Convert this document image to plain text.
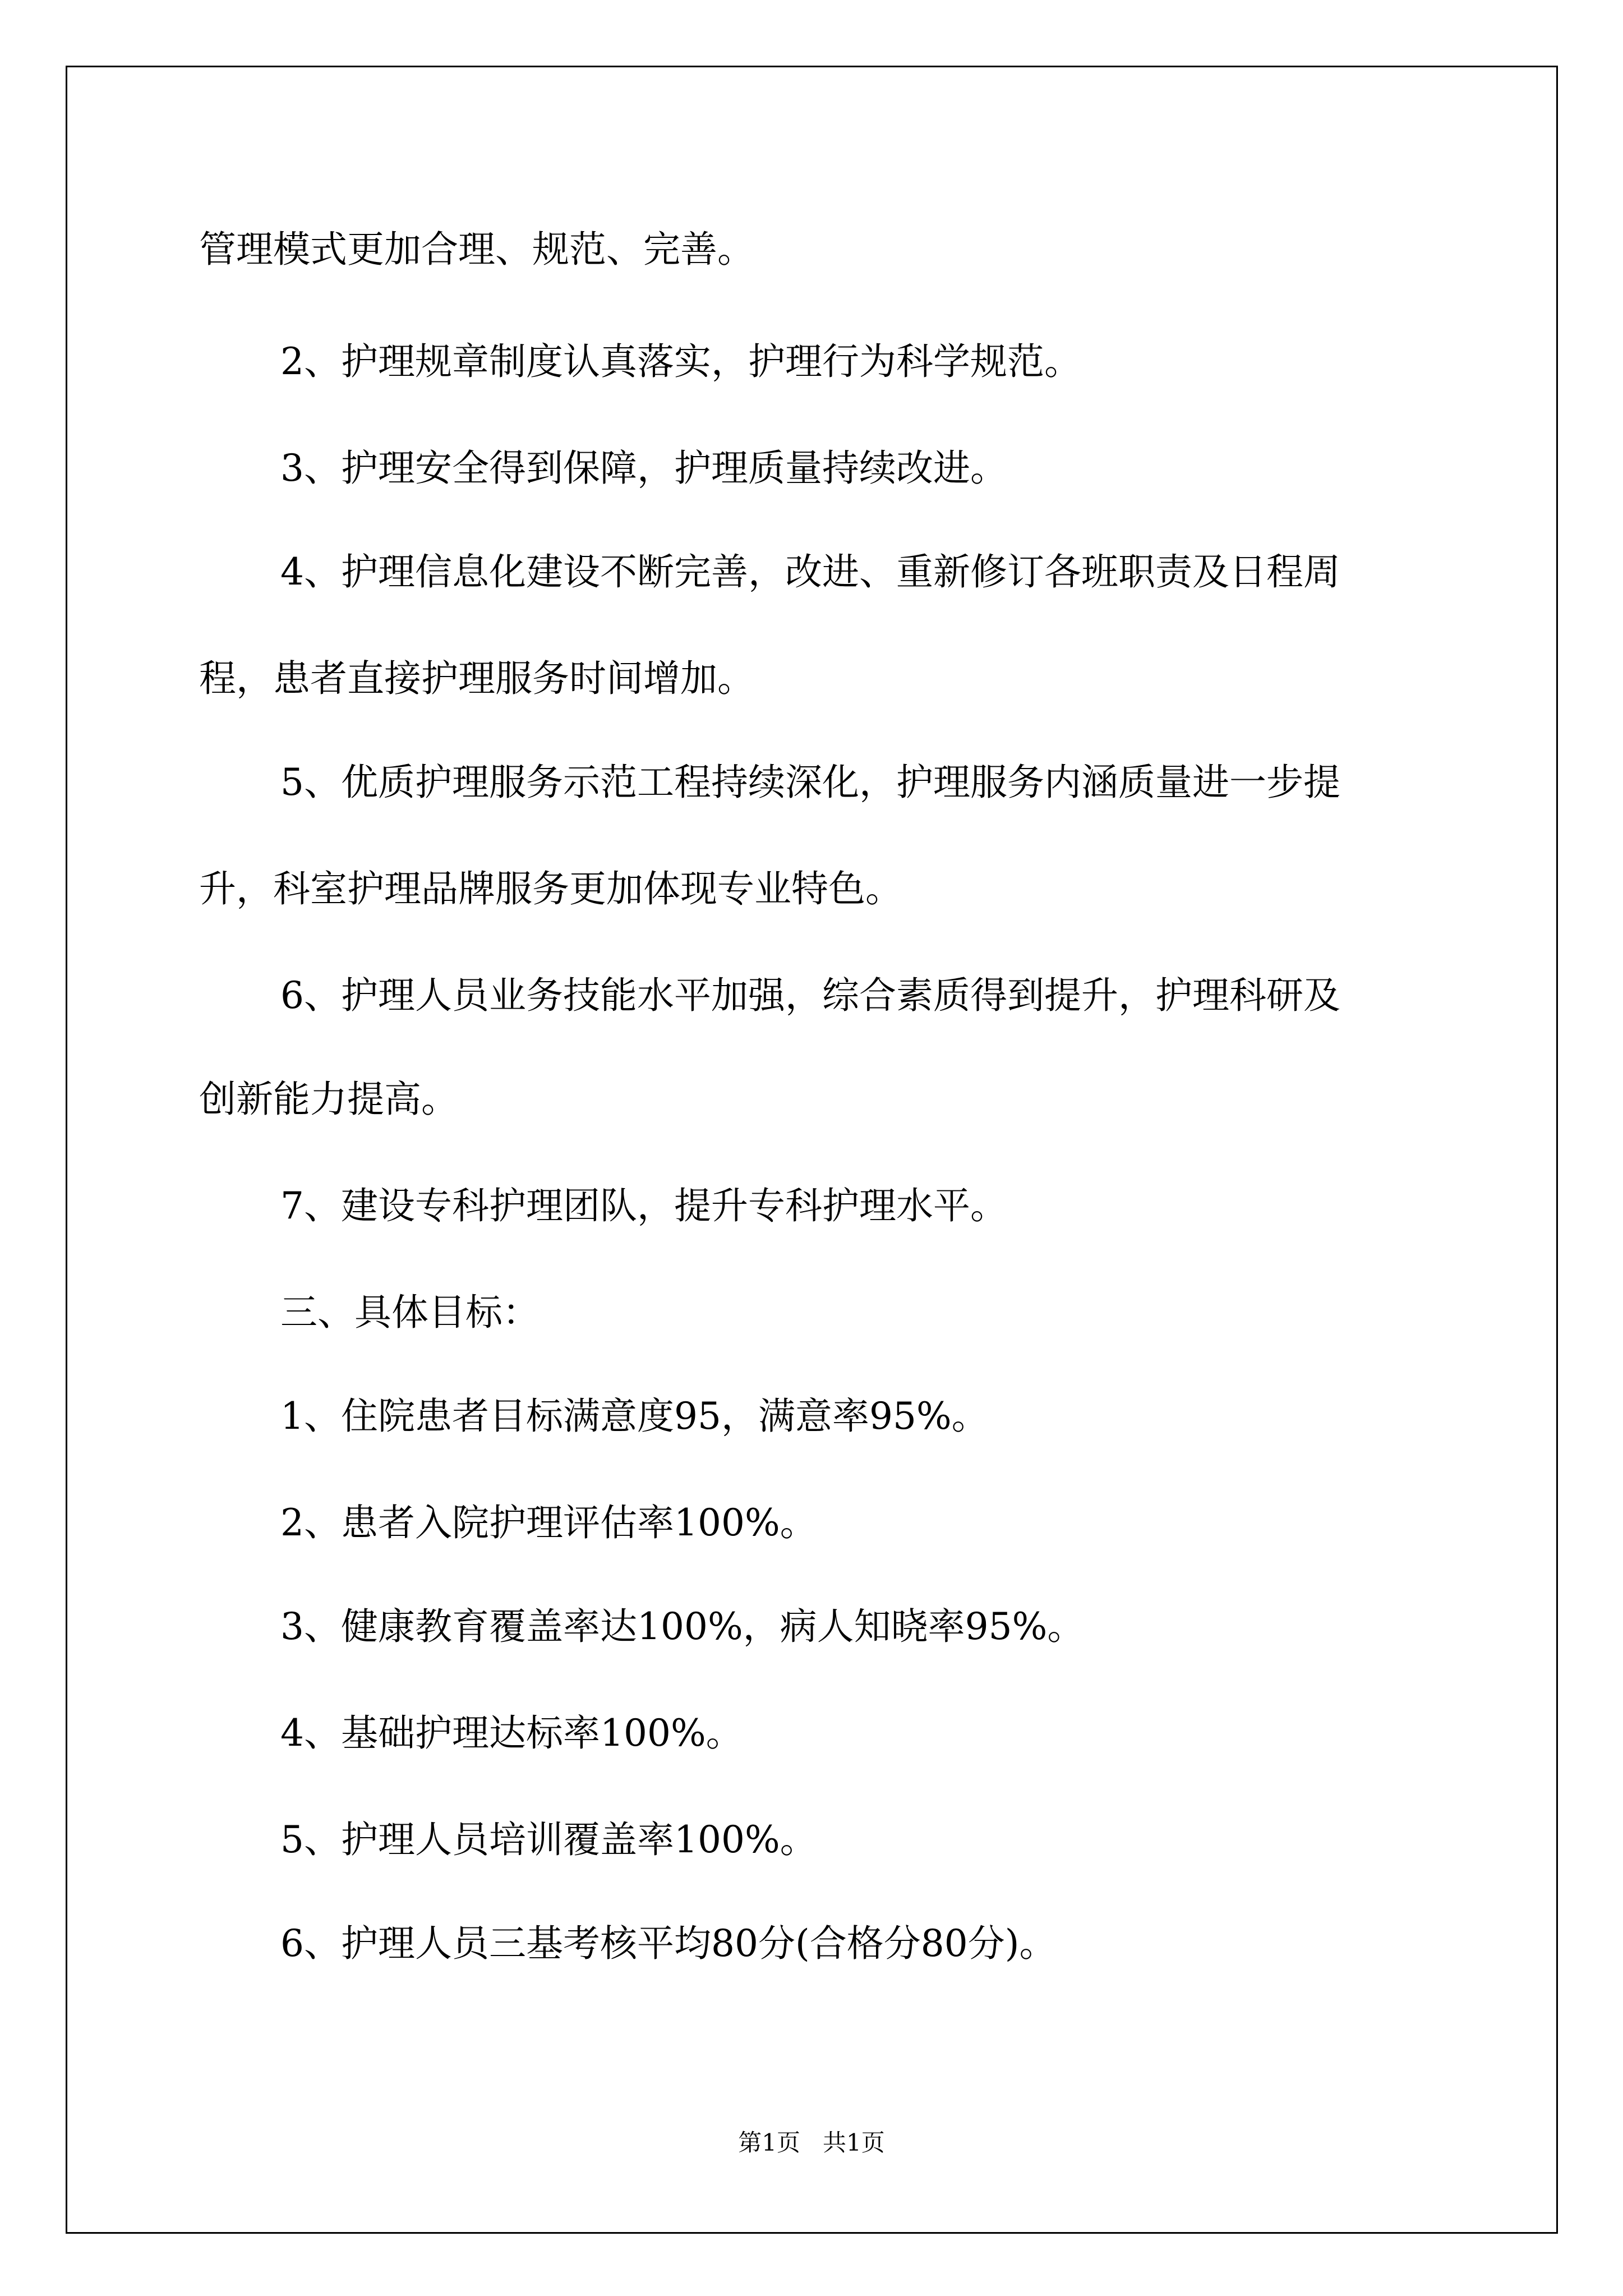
管理模式更加合理、规范、完善。
2、护理规章制度认真落实，护理行为科学规范。
3、护理安全得到保障，护理质量持续改进。
4、护理信息化建设不断完善，改进、重新修订各班职责及日程周
程，患者直接护理服务时间增加。
5、优质护理服务示范工程持续深化，护理服务内涵质量进一步提
升，科室护理品牌服务更加体现专业特色。
6、护理人员业务技能水平加强，综合素质得到提升，护理科研及
创新能力提高。
7、建设专科护理团队，提升专科护理水平。
三、具体目标：
1、住院患者目标满意度95，满意率95%。
2、患者入院护理评估率100%。
3、健康教育覆盖率达100%，病人知晓率95%。
4、基础护理达标率100%。
5、护理人员培训覆盖率100%。
6、护理人员三基考核平均80分(合格分80分)。
第1页   共1页
